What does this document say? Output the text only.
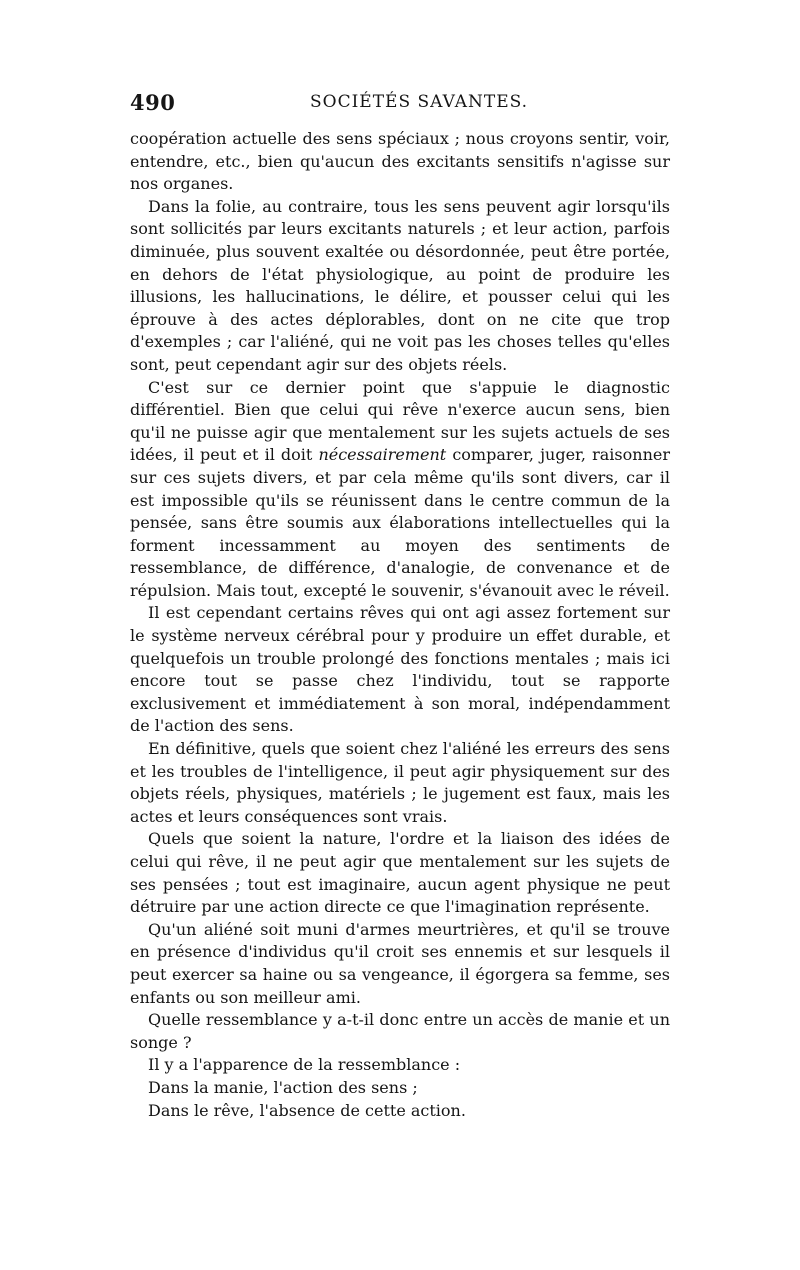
490	SOCIÉTÉS SAVANTES.

coopération actuelle des sens spéciaux ; nous croyons sentir, voir, entendre, etc., bien qu'aucun des excitants sensitifs n'agisse sur nos organes.

Dans la folie, au contraire, tous les sens peuvent agir lorsqu'ils sont sollicités par leurs excitants naturels ; et leur action, parfois diminuée, plus souvent exaltée ou désordonnée, peut être portée, en dehors de l'état physiologique, au point de produire les illusions, les hallucinations, le délire, et pousser celui qui les éprouve à des actes déplorables, dont on ne cite que trop d'exemples ; car l'aliéné, qui ne voit pas les choses telles qu'elles sont, peut cependant agir sur des objets réels.

C'est sur ce dernier point que s'appuie le diagnostic différentiel. Bien que celui qui rêve n'exerce aucun sens, bien qu'il ne puisse agir que mentalement sur les sujets actuels de ses idées, il peut et il doit nécessairement comparer, juger, raisonner sur ces sujets divers, et par cela même qu'ils sont divers, car il est impossible qu'ils se réunissent dans le centre commun de la pensée, sans être soumis aux élaborations intellectuelles qui la forment incessamment au moyen des sentiments de ressemblance, de différence, d'analogie, de convenance et de répulsion. Mais tout, excepté le souvenir, s'évanouit avec le réveil.

Il est cependant certains rêves qui ont agi assez fortement sur le système nerveux cérébral pour y produire un effet durable, et quelquefois un trouble prolongé des fonctions mentales ; mais ici encore tout se passe chez l'individu, tout se rapporte exclusivement et immédiatement à son moral, indépendamment de l'action des sens.

En définitive, quels que soient chez l'aliéné les erreurs des sens et les troubles de l'intelligence, il peut agir physiquement sur des objets réels, physiques, matériels ; le jugement est faux, mais les actes et leurs conséquences sont vrais.

Quels que soient la nature, l'ordre et la liaison des idées de celui qui rêve, il ne peut agir que mentalement sur les sujets de ses pensées ; tout est imaginaire, aucun agent physique ne peut détruire par une action directe ce que l'imagination représente.

Qu'un aliéné soit muni d'armes meurtrières, et qu'il se trouve en présence d'individus qu'il croit ses ennemis et sur lesquels il peut exercer sa haine ou sa vengeance, il égorgera sa femme, ses enfants ou son meilleur ami.

Quelle ressemblance y a-t-il donc entre un accès de manie et un songe ?

Il y a l'apparence de la ressemblance :

Dans la manie, l'action des sens ;

Dans le rêve, l'absence de cette action.
